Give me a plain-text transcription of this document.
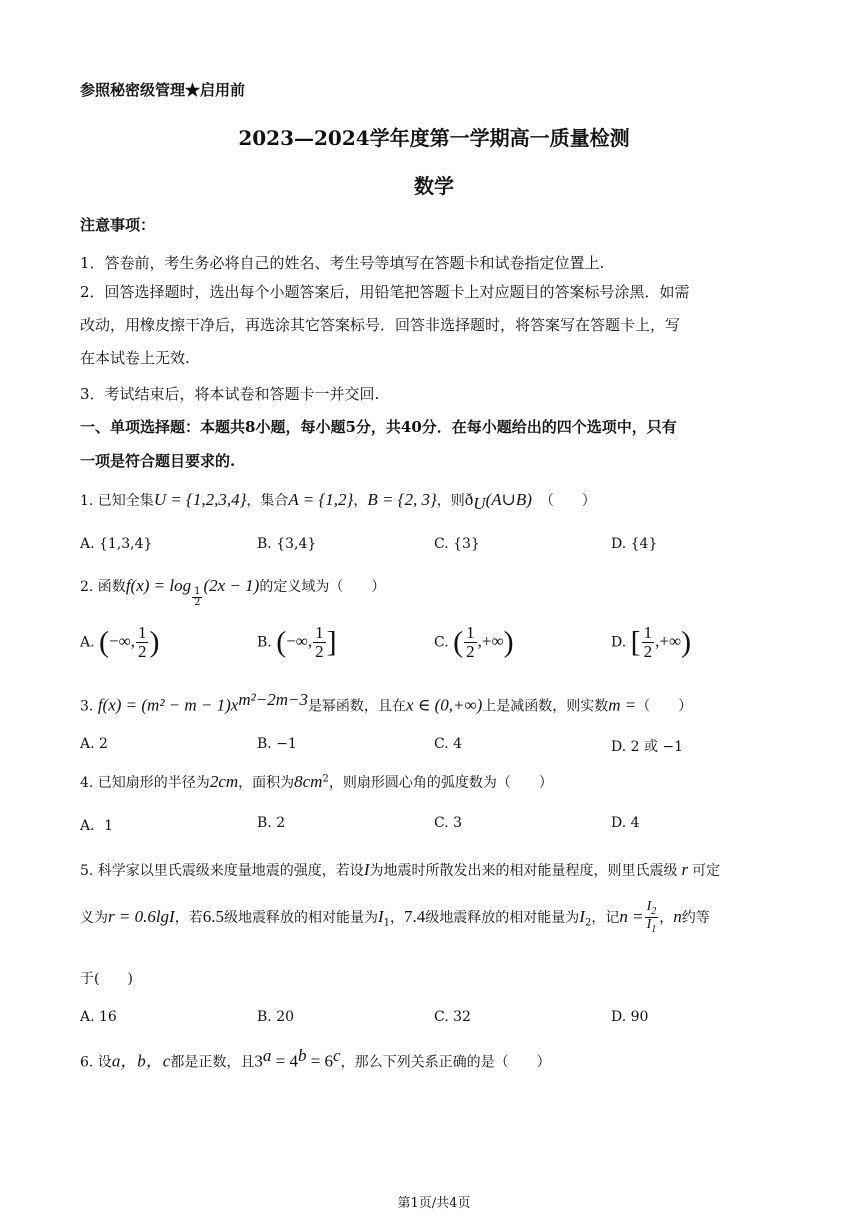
参照秘密级管理★启用前
2023—2024学年度第一学期高一质量检测
数学
注意事项：
1．答卷前，考生务必将自己的姓名、考生号等填写在答题卡和试卷指定位置上.
2．回答选择题时，选出每个小题答案后，用铅笔把答题卡上对应题目的答案标号涂黑．如需
改动，用橡皮擦干净后，再选涂其它答案标号．回答非选择题时，将答案写在答题卡上，写
在本试卷上无效.
3．考试结束后，将本试卷和答题卡一并交回.
一、单项选择题：本题共8小题，每小题5分，共40分．在每小题给出的四个选项中，只有
一项是符合题目要求的.
1. 已知全集U = {1,2,3,4}，集合A = {1,2}，B = {2, 3}，则$ð_U(A\cup B)$ （　　）
A. {1,3,4}	B. {3,4}	C. {3}	D. {4}
2. 函数f(x) = log
$\frac{1}{2}$
(2x − 1)的定义域为（　　）
A. (−∞, $\frac{1}{2}$ )	B. (−∞, $\frac{1}{2}$ ]	C. ( $\frac{1}{2}$ ,+∞)	D. [ $\frac{1}{2}$ ,+∞)
3. $f(x) = (m^2 - m - 1)x^{m^2-2m-3}$是幂函数，且在x ∈ (0,+∞)上是减函数，则实数m =（　　）
A. 2	B. −1	C. 4	D. 2 或 −1
4. 已知扇形的半径为2cm，面积为$8cm^2$，则扇形圆心角的弧度数为（　　）
A．1	B. 2	C. 3	D. 4
5. 科学家以里氏震级来度量地震的强度，若设I为地震时所散发出来的相对能量程度，则里氏震级 r 可定
义为r = 0.6lgI，若6.5级地震释放的相对能量为$I_1$，7.4级地震释放的相对能量为$I_2$，记$n = \frac{I_2}{I_1}$ ，n约等
于(　　)
A. 16	B. 20	C. 32	D. 90
6. 设a，b，c都是正数，且$3^a = 4^b = 6^c$，那么下列关系正确的是（　　）
第1页/共4页
